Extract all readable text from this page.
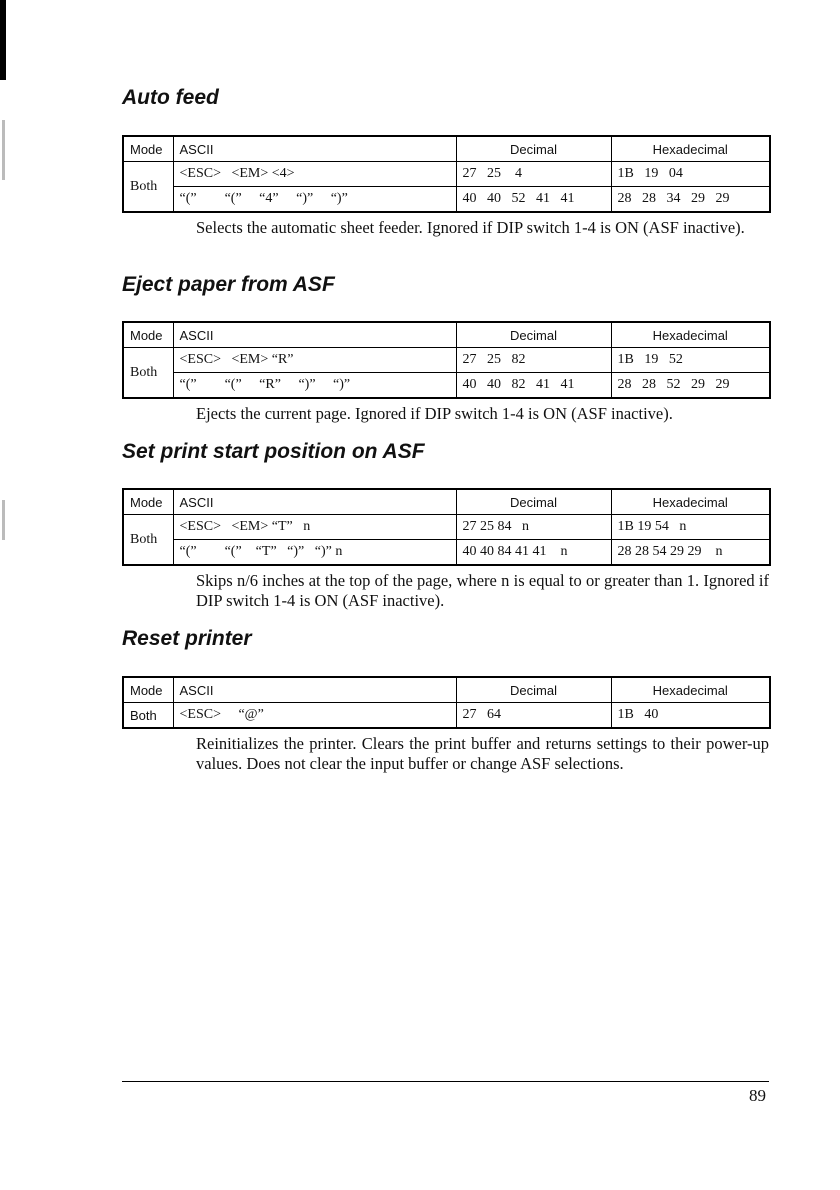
Auto feed
Mode	ASCII	Decimal	Hexadecimal
Both	<ESC>   <EM> <4>	27   25    4	1B   19   04
	“(”        “(”     “4”     “)”     “)”	40   40   52   41   41	28   28   34   29   29

Selects the automatic sheet feeder. Ignored if DIP switch 1-4 is ON (ASF inactive).

Eject paper from ASF
Mode	ASCII	Decimal	Hexadecimal
Both	<ESC>   <EM> “R”	27   25   82	1B   19   52
	“(”        “(”     “R”     “)”     “)”	40   40   82   41   41	28   28   52   29   29

Ejects the current page. Ignored if DIP switch 1-4 is ON (ASF inactive).

Set print start position on ASF
Mode	ASCII	Decimal	Hexadecimal
Both	<ESC>   <EM> “T”   n	27 25 84   n	1B 19 54   n
	“(”        “(”    “T”   “)”   “)” n	40 40 84 41 41    n	28 28 54 29 29    n

Skips n/6 inches at the top of the page, where n is equal to or greater than 1. Ignored if DIP switch 1-4 is ON (ASF inactive).

Reset printer
Mode	ASCII	Decimal	Hexadecimal
Both	<ESC>     “@”	27   64	1B   40

Reinitializes the printer. Clears the print buffer and returns settings to their power-up values. Does not clear the input buffer or change ASF selections.

89
